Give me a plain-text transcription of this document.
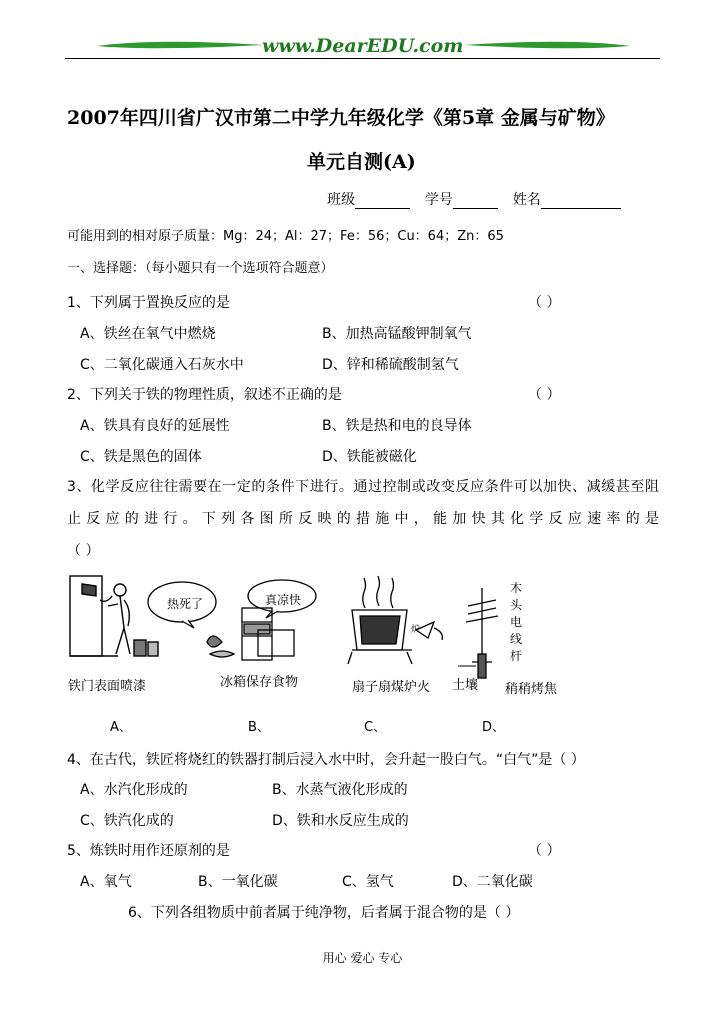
www.DearEDU.com
2007年四川省广汉市第二中学九年级化学《第5章 金属与矿物》
单元自测(A)
班级	学号	姓名
可能用到的相对原子质量：Mg：24；Al：27；Fe：56；Cu：64；Zn：65
一、选择题：（每小题只有一个选项符合题意）
1、下列属于置换反应的是	（ ）
A、铁丝在氧气中燃烧	B、加热高锰酸钾制氧气
C、二氧化碳通入石灰水中	D、锌和稀硫酸制氢气
2、下列关于铁的物理性质，叙述不正确的是	（ ）
A、铁具有良好的延展性	B、铁是热和电的良导体
C、铁是黑色的固体	D、铁能被磁化
3、化学反应往往需要在一定的条件下进行。通过控制或改变反应条件可以加快、减缓甚至阻
止反应的进行。下列各图所反映的措施中，能加快其化学反应速率的是
（ ）
热死了	真凉快
炉
木头电线杆
铁门表面喷漆	冰箱保存食物	扇子扇煤炉火 土壤 稍稍烤焦
A、	B、	C、	D、
4、在古代，铁匠将烧红的铁器打制后浸入水中时，会升起一股白气。“白气”是（ ）
A、水汽化形成的	B、水蒸气液化形成的
C、铁汽化成的	D、铁和水反应生成的
5、炼铁时用作还原剂的是	（ ）
A、氧气	B、一氧化碳	C、氢气	D、二氧化碳
6、下列各组物质中前者属于纯净物，后者属于混合物的是（ ）
用心 爱心 专心
